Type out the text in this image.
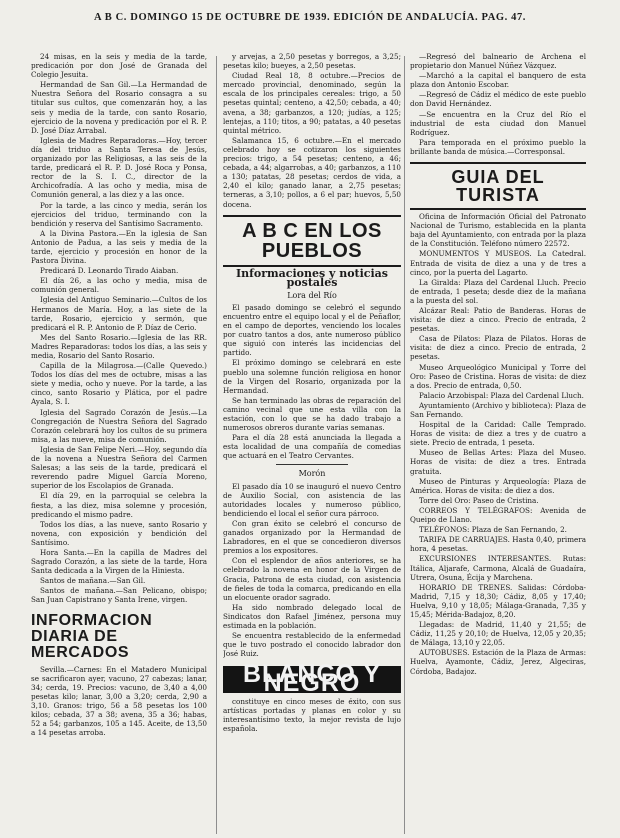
A B C. DOMINGO 15 DE OCTUBRE DE 1939. EDICIÓN DE ANDALUCÍA. PAG. 47.

24 misas, en la seis y media de la tarde, predicación por don José de Granada del Colegio Jesuita.

Hermandad de San Gil.—La Hermandad de Nuestra Señora del Rosario consagra a su titular sus cultos, que comenzarán hoy, a las seis y media de la tarde, con santo Rosario, ejercicio de la novena y predicación por el R. P. D. José Díaz Arrabal.

Iglesia de Madres Reparadoras.—Hoy, tercer día del triduo a Santa Teresa de Jesús, organizado por las Religiosas, a las seis de la tarde, predicará el R. P. D. José Roca y Ponsa, rector de la S. I. C., director de la Archicofradía. A las ocho y media, misa de Comunión general, a las diez y a las once.

Por la tarde, a las cinco y media, serán los ejercicios del triduo, terminando con la bendición y reserva del Santísimo Sacramento.

A la Divina Pastora.—En la iglesia de San Antonio de Padua, a las seis y media de la tarde, ejercicio y procesión en honor de la Pastora Divina.

Predicará D. Leonardo Tirado Aiaban.

El día 26, a las ocho y media, misa de comunión general.

Iglesia del Antiguo Seminario.—Cultos de los Hermanos de María. Hoy, a las siete de la tarde, Rosario, ejercicio y sermón, que predicará el R. P. Antonio de P. Díaz de Cerio.

Mes del Santo Rosario.—Iglesia de las RR. Madres Reparadoras: todos los días, a las seis y media, Rosario del Santo Rosario.

Capilla de la Milagrosa.—(Calle Quevedo.) Todos los días del mes de octubre, misas a las siete y media, ocho y nueve. Por la tarde, a las cinco, santo Rosario y Plática, por el padre Ayala, S. I.

Iglesia del Sagrado Corazón de Jesús.—La Congregación de Nuestra Señora del Sagrado Corazón celebrará hoy los cultos de su primera misa, a las nueve, misa de comunión.

Iglesia de San Felipe Neri.—Hoy, segundo día de la novena a Nuestra Señora del Carmen Salesas; a las seis de la tarde, predicará el reverendo padre Miguel García Moreno, superior de los Escolapios de Granada.

El día 29, en la parroquial se celebra la fiesta, a las diez, misa solemne y procesión, predicando el mismo padre.

Todos los días, a las nueve, santo Rosario y novena, con exposición y bendición del Santísimo.

Hora Santa.—En la capilla de Madres del Sagrado Corazón, a las siete de la tarde, Hora Santa dedicada a la Virgen de la Hiniesta.

Santos de mañana.—San Gil.

Santos de mañana.—San Pelicano, obispo; San Juan Capistrano y Santa Irene, virgen.

INFORMACION DIARIA DE MERCADOS

Sevilla.—Carnes: En el Matadero Municipal se sacrificaron ayer, vacuno, 27 cabezas; lanar, 34; cerda, 19. Precios: vacuno, de 3,40 a 4,00 pesetas kilo; lanar, 3,00 a 3,20; cerda, 2,90 a 3,10. Granos: trigo, 56 a 58 pesetas los 100 kilos; cebada, 37 a 38; avena, 35 a 36; habas, 52 a 54; garbanzos, 105 a 145. Aceite, de 13,50 a 14 pesetas arroba.

y arvejas, a 2,50 pesetas y borregos, a 3,25; pesetas kilo; bueyes, a 2,50 pesetas.

Ciudad Real 18, 8 octubre.—Precios de mercado provincial, denominado, según la escala de los principales cereales: trigo, a 50 pesetas quintal; centeno, a 42,50; cebada, a 40; avena, a 38; garbanzos, a 120; judías, a 125; lentejas, a 110; titos, a 90; patatas, a 40 pesetas quintal métrico.

Salamanca 15, 6 octubre.—En el mercado celebrado hoy se cotizaron los siguientes precios: trigo, a 54 pesetas; centeno, a 46; cebada, a 44; algarrobas, a 40; garbanzos, a 110 a 130; patatas, 28 pesetas; cerdos de vida, a 2,40 el kilo; ganado lanar, a 2,75 pesetas; terneras, a 3,10; pollos, a 6 el par; huevos, 5,50 docena.

A B C EN LOS PUEBLOS
Informaciones y noticias postales
Lora del Río

El pasado domingo se celebró el segundo encuentro entre el equipo local y el de Peñaflor, en el campo de deportes, venciendo los locales por cuatro tantos a dos, ante numeroso público que siguió con interés las incidencias del partido.

El próximo domingo se celebrará en este pueblo una solemne función religiosa en honor de la Virgen del Rosario, organizada por la Hermandad.

Se han terminado las obras de reparación del camino vecinal que une esta villa con la estación, con lo que se ha dado trabajo a numerosos obreros durante varias semanas.

Para el día 28 está anunciada la llegada a esta localidad de una compañía de comedias que actuará en el Teatro Cervantes.

Morón

El pasado día 10 se inauguró el nuevo Centro de Auxilio Social, con asistencia de las autoridades locales y numeroso público, bendiciendo el local el señor cura párroco.

Con gran éxito se celebró el concurso de ganados organizado por la Hermandad de Labradores, en el que se concedieron diversos premios a los expositores.

Con el esplendor de años anteriores, se ha celebrado la novena en honor de la Virgen de Gracia, Patrona de esta ciudad, con asistencia de fieles de toda la comarca, predicando en ella un elocuente orador sagrado.

Ha sido nombrado delegado local de Sindicatos don Rafael Jiménez, persona muy estimada en la población.

Se encuentra restablecido de la enfermedad que le tuvo postrado el conocido labrador don José Ruiz.

BLANCO Y NEGRO

constituye en cinco meses de éxito, con sus artísticas portadas y planas en color y su interesantísimo texto, la mejor revista de lujo española.

—Regresó del balneario de Archena el propietario don Manuel Núñez Vázquez.

—Marchó a la capital el banquero de esta plaza don Antonio Escobar.

—Regresó de Cádiz el médico de este pueblo don David Hernández.

—Se encuentra en la Cruz del Río el industrial de esta ciudad don Manuel Rodríguez.

Para temporada en el próximo pueblo la brillante banda de música.—Corresponsal.

GUIA DEL TURISTA

Oficina de Información Oficial del Patronato Nacional de Turismo, establecida en la planta baja del Ayuntamiento, con entrada por la plaza de la Constitución. Teléfono número 22572.

MONUMENTOS Y MUSEOS. La Catedral. Entrada de visita de diez a una y de tres a cinco, por la puerta del Lagarto.

La Giralda: Plaza del Cardenal Lluch. Precio de entrada, 1 peseta; desde diez de la mañana a la puesta del sol.

Alcázar Real: Patio de Banderas. Horas de visita: de diez a cinco. Precio de entrada, 2 pesetas.

Casa de Pilatos: Plaza de Pilatos. Horas de visita: de diez a cinco. Precio de entrada, 2 pesetas.

Museo Arqueológico Municipal y Torre del Oro: Paseo de Cristina. Horas de visita: de diez a dos. Precio de entrada, 0,50.

Palacio Arzobispal: Plaza del Cardenal Lluch.

Ayuntamiento (Archivo y biblioteca): Plaza de San Fernando.

Hospital de la Caridad: Calle Temprado. Horas de visita: de diez a tres y de cuatro a siete. Precio de entrada, 1 peseta.

Museo de Bellas Artes: Plaza del Museo. Horas de visita: de diez a tres. Entrada gratuita.

Museo de Pinturas y Arqueología: Plaza de América. Horas de visita: de diez a dos.

Torre del Oro: Paseo de Cristina.

CORREOS Y TELÉGRAFOS: Avenida de Queipo de Llano.

TELÉFONOS: Plaza de San Fernando, 2.

TARIFA DE CARRUAJES. Hasta 0,40, primera hora, 4 pesetas.

EXCURSIONES INTERESANTES. Rutas: Itálica, Aljarafe, Carmona, Alcalá de Guadaíra, Utrera, Osuna, Écija y Marchena.

HORARIO DE TRENES. Salidas: Córdoba-Madrid, 7,15 y 18,30; Cádiz, 8,05 y 17,40; Huelva, 9,10 y 18,05; Málaga-Granada, 7,35 y 15,45; Mérida-Badajoz, 8,20.

Llegadas: de Madrid, 11,40 y 21,55; de Cádiz, 11,25 y 20,10; de Huelva, 12,05 y 20,35; de Málaga, 13,10 y 22,05.

AUTOBUSES. Estación de la Plaza de Armas: Huelva, Ayamonte, Cádiz, Jerez, Algeciras, Córdoba, Badajoz.
